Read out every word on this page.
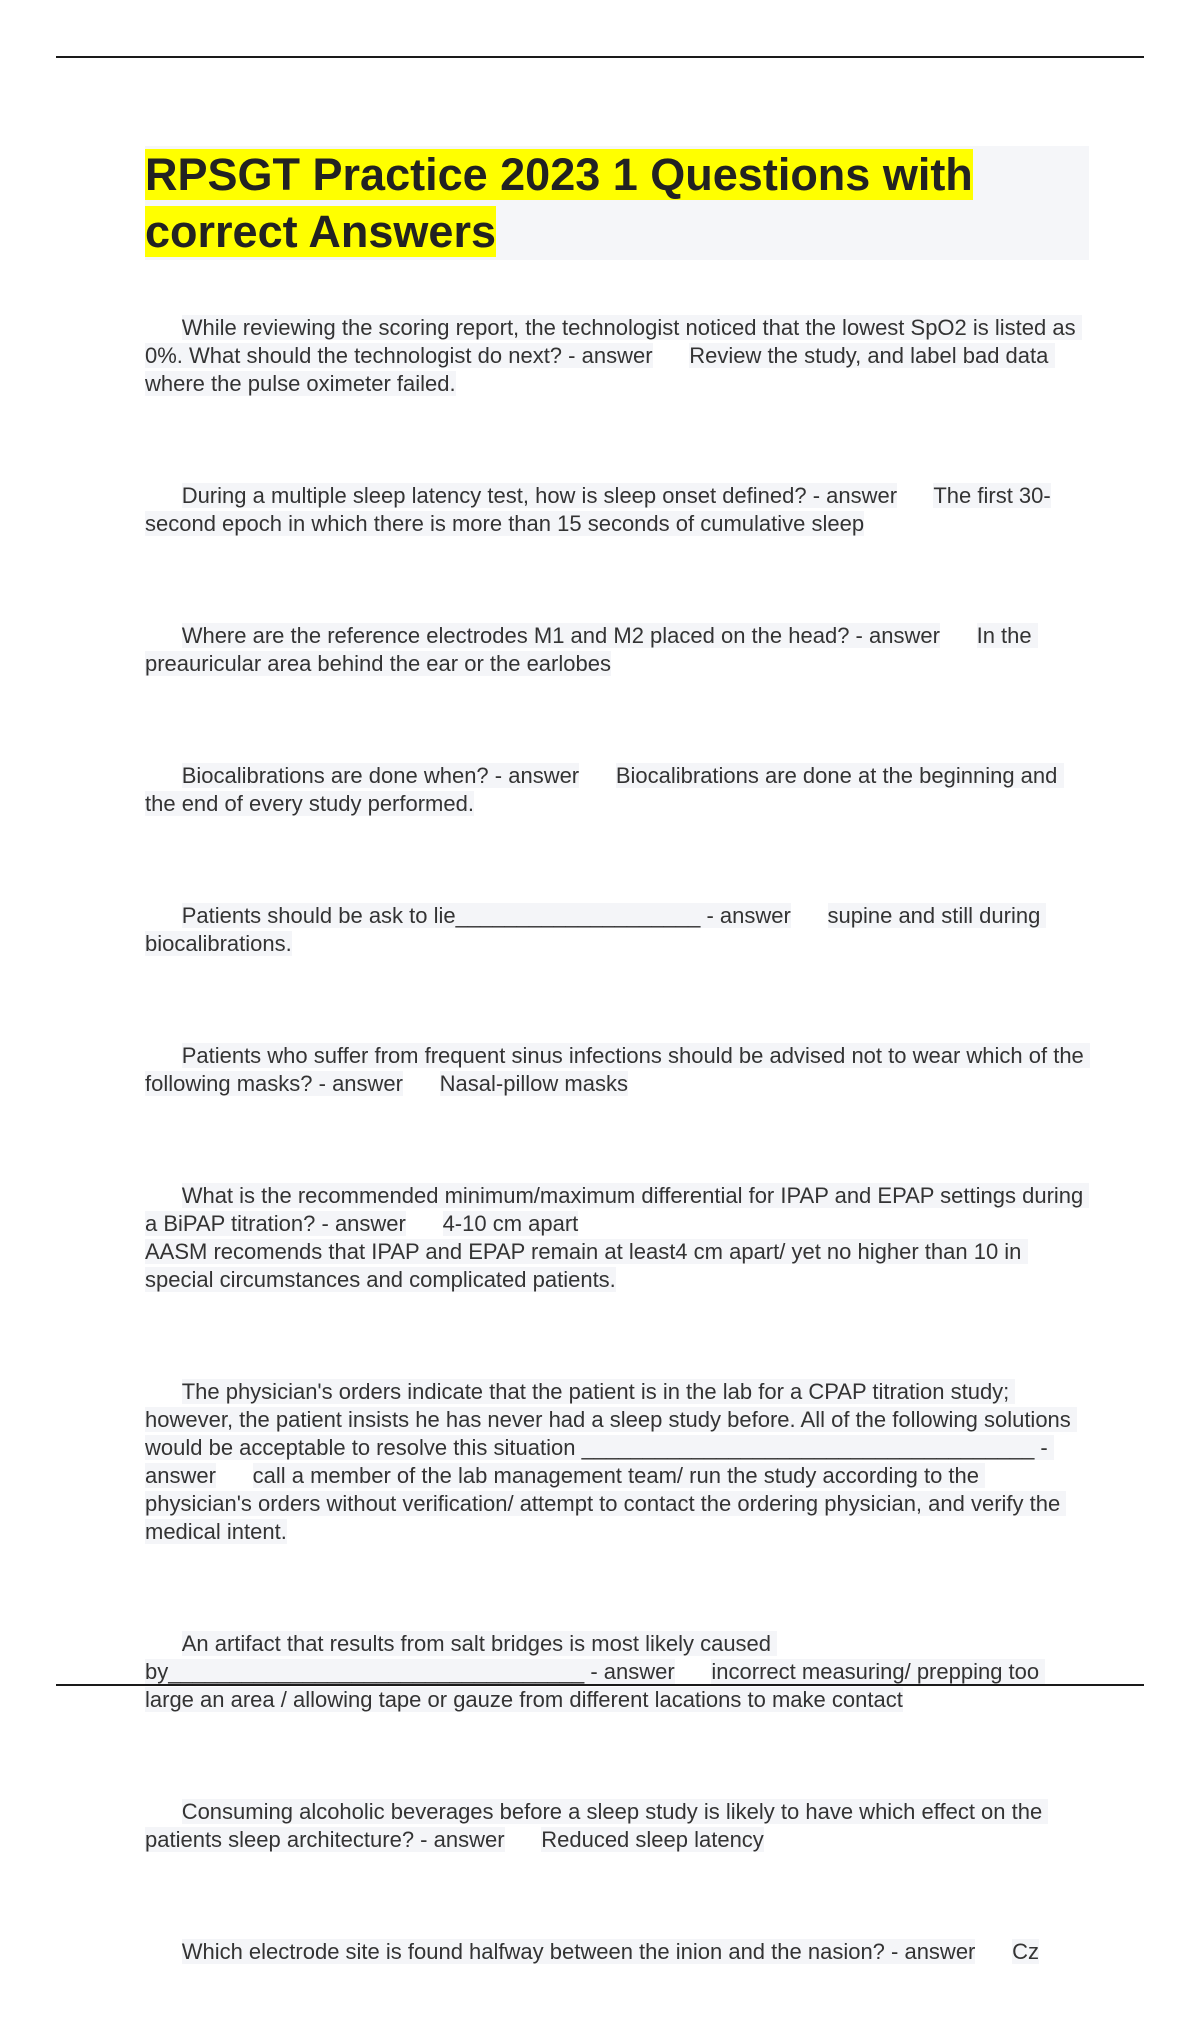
RPSGT Practice 2023 1 Questions with
correct Answers

While reviewing the scoring report, the technologist noticed that the lowest SpO2 is listed as 0%. What should the technologist do next? - answer Review the study, and label bad data where the pulse oximeter failed.

During a multiple sleep latency test, how is sleep onset defined? - answer The first 30-second epoch in which there is more than 15 seconds of cumulative sleep

Where are the reference electrodes M1 and M2 placed on the head? - answer In the preauricular area behind the ear or the earlobes

Biocalibrations are done when? - answer Biocalibrations are done at the beginning and the end of every study performed.

Patients should be ask to lie____________________ - answer supine and still during biocalibrations.

Patients who suffer from frequent sinus infections should be advised not to wear which of the following masks? - answer Nasal-pillow masks

What is the recommended minimum/maximum differential for IPAP and EPAP settings during a BiPAP titration? - answer 4-10 cm apart
AASM recomends that IPAP and EPAP remain at least4 cm apart/ yet no higher than 10 in special circumstances and complicated patients.

The physician's orders indicate that the patient is in the lab for a CPAP titration study; however, the patient insists he has never had a sleep study before. All of the following solutions would be acceptable to resolve this situation _____________________________________ - answer call a member of the lab management team/ run the study according to the physician's orders without verification/ attempt to contact the ordering physician, and verify the medical intent.

An artifact that results from salt bridges is most likely caused by__________________________________ - answer incorrect measuring/ prepping too large an area / allowing tape or gauze from different lacations to make contact

Consuming alcoholic beverages before a sleep study is likely to have which effect on the patients sleep architecture? - answer Reduced sleep latency

Which electrode site is found halfway between the inion and the nasion? - answer Cz
